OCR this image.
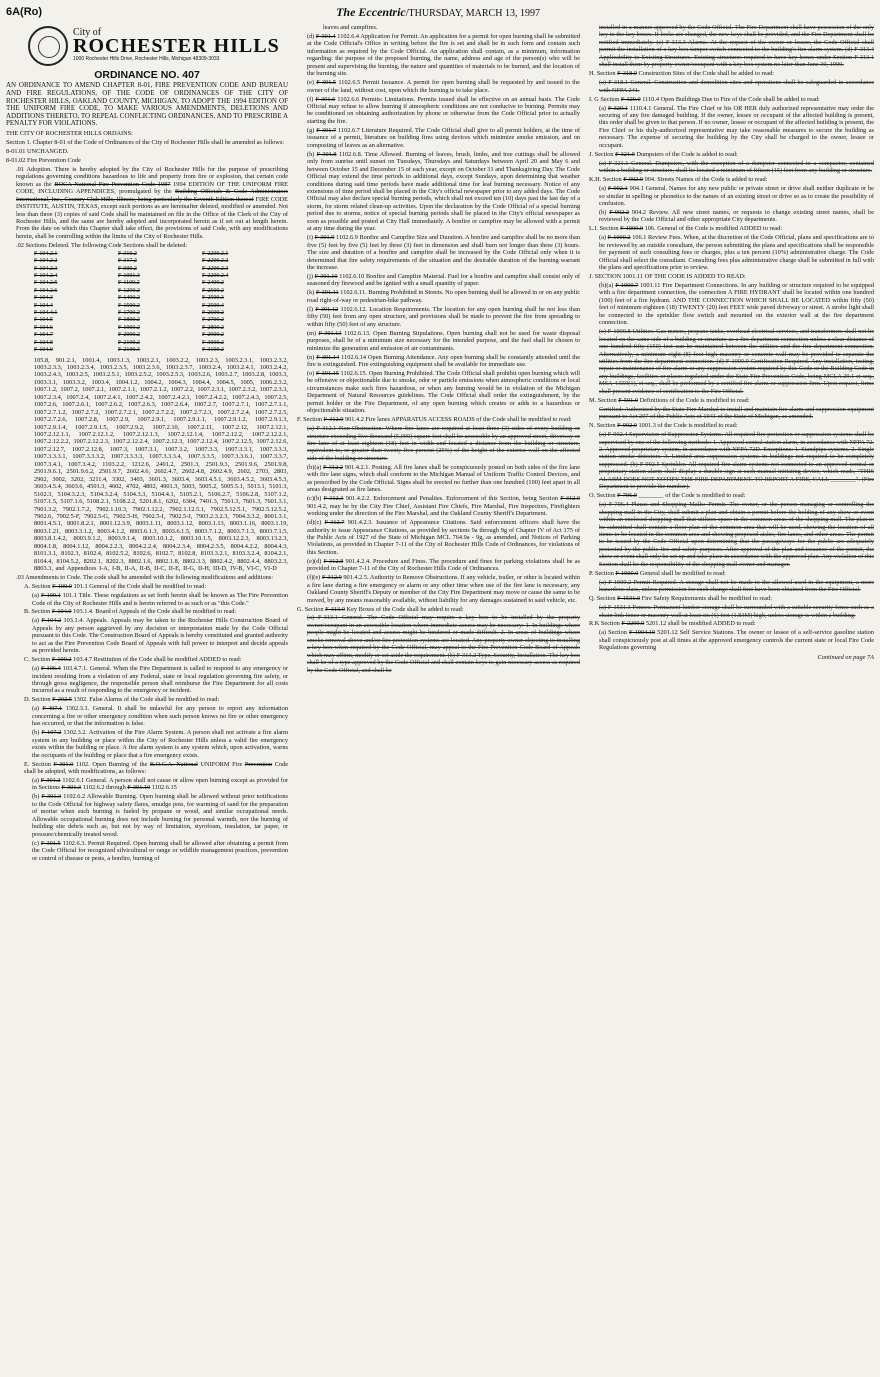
6A(Ro)	The Eccentric/THURSDAY, MARCH 13, 1997
City of
ROCHESTER HILLS
1000 Rochester Hills Drive, Rochester Hills, Michigan 48309-3033
ORDINANCE NO. 407

AN ORDINANCE TO AMEND CHAPTER 8-01, FIRE PREVENTION CODE AND BUREAU AND FIRE REGULATIONS, OF THE CODE OF ORDINANCES OF THE CITY OF ROCHESTER HILLS, OAKLAND COUNTY, MICHIGAN, TO ADOPT THE 1994 EDITION OF THE UNIFORM FIRE CODE, TO MAKE VARIOUS AMENDMENTS, DELETIONS AND ADDITIONS THERETO, TO REPEAL CONFLICTING ORDINANCES, AND TO PRESCRIBE A PENALTY FOR VIOLATIONS.

THE CITY OF ROCHESTER HILLS ORDAINS:

Section 1. Chapter 8-01 of the Code of Ordinances of the City of Rochester Hills shall be amended as follows:

8-01.01 UNCHANGED.

8-01.02 Fire Prevention Code

.01 Adoption. There is hereby adopted by the City of Rochester Hills for the purpose of prescribing regulations governing conditions hazardous to life and property from fire or explosion, that certain code known as the BOCA National Fire Prevention Code 1987 1994 EDITION OF THE UNIFORM FIRE CODE, INCLUDING APPENDICES, promulgated by the Building Officials & Code Administrators International, Inc., Country Club Hills, Illinois, being particularly the Seventh Edition thereof FIRE CODE INSTITUTE, AUSTIN, TEXAS, except such portions as are hereinafter deleted, modified or amended. Not less than three (3) copies of said Code shall be maintained on file in the Office of the Clerk of the City of Rochester Hills, and the same are hereby adopted and incorporated herein as if set out at length herein. From the date on which this Chapter shall take effect, the provisions of said Code, with any modifications herein, shall be controlling within the limits of the City of Rochester Hills.

.02 Sections Deleted. The following Code Sections shall be deleted:

F-104.2.1	F-310.2	F-2200.2.1
F-104.2.2	F-317.2	F-2200.2.2
F-104.2.3	F-900.2	F-2200.2.3
F-104.2.4	F-1001.3	F-2200.2.4
F-104.2.5	F-1100.2	F-2400.2
F-104.2.6	F-1200.2	F-2500.2
F-104.3	F-1400.2	F-2500.3
F-104.4	F-1500.2	F-2500.4
F-104.4.1	F-1700.2	F-2600.2
F-104.5	F-1800.2	F-2700.2
F-104.6	F-1900.2	F-2800.2
F-104.7	F-2000.2	F-2900.2
F-104.8	F-2100.2	F-3000.2
F-104.9	F-2100.3	F-3100.2

105.8, 901.2.1, 1001.4, 1003.1.3, 1003.2.1, 1003.2.2, 1003.2.3, 1003.2.3.1, 1003.2.3.2, 1003.2.3.3, 1003.2.3.4, 1003.2.3.5, 1003.2.3.6, 1003.2.3.7, 1003.2.4, 1003.2.4.1, 1003.2.4.2, 1003.2.4.3, 1003.2.5, 1003.2.5.1, 1003.2.5.2, 1003.2.5.3, 1003.2.6, 1003.2.7, 1003.2.8, 1003.3, 1003.3.1, 1003.3.2, 1003.4, 1004.1.2, 1004.2, 1004.3, 1004.4, 1004.5, 1005, 1006.2.3.2, 1007.1.2, 1007.2, 1007.2.1, 1007.2.1.1, 1007.2.1.2, 1007.2.2, 1007.2.3.1, 1007.2.3.2, 1007.2.3.3, 1007.2.3.4, 1007.2.4, 1007.2.4.1, 1007.2.4.2, 1007.2.4.2.1, 1007.2.4.2.2, 1007.2.4.3, 1007.2.5, 1007.2.6, 1007.2.6.1, 1007.2.6.2, 1007.2.6.3, 1007.2.6.4, 1007.2.7, 1007.2.7.1, 1007.2.7.1.1, 1007.2.7.1.2, 1007.2.7.2, 1007.2.7.2.1, 1007.2.7.2.2, 1007.2.7.2.3, 1007.2.7.2.4, 1007.2.7.2.5, 1007.2.7.2.6, 1007.2.8, 1007.2.9, 1007.2.9.1, 1007.2.9.1.1, 1007.2.9.1.2, 1007.2.9.1.3, 1007.2.9.1.4, 1007.2.9.1.5, 1007.2.9.2, 1007.2.10, 1007.2.11, 1007.2.12, 1007.2.12.1, 1007.2.12.1.1, 1007.2.12.1.2, 1007.2.12.1.3, 1007.2.12.1.4, 1007.2.12.2, 1007.2.12.2.1, 1007.2.12.2.2, 1007.2.12.2.3, 1007.2.12.2.4, 1007.2.12.3, 1007.2.12.4, 1007.2.12.5, 1007.2.12.6, 1007.2.12.7, 1007.2.12.8, 1007.3, 1007.3.1, 1007.3.2, 1007.3.3, 1007.3.3.1, 1007.3.3.3, 1007.3.3.3.1, 1007.3.3.3.2, 1007.3.3.3.3, 1007.3.3.3.4, 1007.3.3.5, 1007.3.3.6.1, 1007.3.3.7, 1007.3.4.1, 1007.3.4.2, 1103.2.2, 1212.6, 2401.2, 2501.3, 2501.9.3, 2501.9.6, 2501.9.8, 2501.9.6.1, 2501.9.6.2, 2501.9.7, 2602.4.6, 2602.4.7, 2602.4.8, 2602.4.9, 2602, 2703, 2803, 2902, 3002, 3202, 3211.4, 3302, 3403, 3601.3, 3603.4, 3603.4.5.1, 3603.4.5.2, 3603.4.5.3, 3603.4.5.4, 3603.6, 4501.3, 4602, 4702, 4802, 4901.3, 5003, 5005.2, 5005.5.1, 5013.1, 5101.3, 5102.3, 5104.3.2.3, 5104.3.2.4, 5104.3.3, 5104.4.1, 5105.2.1, 5106.2.7, 5106.2.8, 5107.1.2, 5107.1.5, 5107.1.6, 5108.2.1, 5108.2.2, 5201.8.1, 6202, 6304, 7401.3, 7501.3, 7601.3, 7601.3.1, 7901.3.2, 7902.1.7.2, 7902.1.10.3, 7902.1.12.2, 7902.1.12.5.1, 7902.5.12.5.1, 7902.5.12.5.2, 7902.6, 7902.5-F, 7902.5-G, 7902.5-H, 7902.5-I, 7902.5-J, 7903.2.3.2.3, 7904.3.3.2, 8001.3.1, 8001.4.5.1, 8001.8.2.1, 8001.12.3.9, 8003.1.11, 8003.1.12, 8003.1.13, 8003.1.16, 8003.1.19, 8003.1.21, 8003.3.1.2, 8003.4.1.2, 8003.6.1.3, 8003.6.1.5, 8003.7.1.2, 8003.7.1.3, 8003.7.1.5, 8003.8.1.4.2, 8003.9.1.2, 8003.9.1.4, 8003.10.1.2, 8003.10.1.5, 8003.12.2.3, 8003.13.2.3, 8004.1.8, 8004.1.12, 8004.2.2.3, 8004.2.2.4, 8004.2.3.4, 8004.2.3.5, 8004.4.2.2, 8004.4.3, 8101.3.1, 8102.3, 8102.4, 8102.5.2, 8102.6, 8102.7, 8102.8, 8103.3.2.1, 8103.3.2.4, 8104.2.1, 8104.4, 8104.5.2, 8202.1, 8202.3, 8802.1.6, 8802.1.8, 8802.3.3, 8802.4.2, 8802.4.4, 8803.2.3, 8803.3, and Appendices I-A, I-B, II-A, II-B, II-C, II-E, II-G, II-H, III-D, IV-B, VI-C, VI-D

.03 Amendments to Code. The code shall be amended with the following modifications and additions:

A. Section F-100.0 101.1 General of the Code shall be modified to read:

(a) F-100.1 101.1 Title. These regulations as set forth herein shall be known as The Fire Prevention Code of the City of Rochester Hills and is herein referred to as such or as "this Code."

B. Section F-104.0 103.1.4. Board of Appeals of the Code shall be modified to read:

(a) F-104.2 103.1.4. Appeals. Appeals may be taken to the Rochester Hills Construction Board of Appeals by any person aggrieved by any decision or interpretation made by the Code Official pursuant to this Code. The Construction Board of Appeals is hereby constituted and granted authority to act as the Fire Prevention Code Board of Appeals with full power to interpret and decide appeals as provided herein.

C. Section F-100.2 103.4.7 Restitution of the Code shall be modified ADDED to read:

(a) F-106.4 103.4.7.1. General. When the Fire Department is called to respond to any emergency or incident resulting from a violation of any Federal, state or local regulation governing fire safety, or through gross negligence, the responsible person shall reimburse the Fire Department for all costs incurred as a result of responding to the emergency or incident.

D. Section F-202.5 1302. False Alarms of the Code shall be modified to read:

(a) F-407.1 1302.3.1. General. It shall be unlawful for any person to report any information concerning a fire or other emergency condition when such person knows no fire or other emergency has occurred, or that the information is false.

(b) F-107.2 1302.3.2. Activation of the Fire Alarm System. A person shall not activate a fire alarm system in any building or place within the City of Rochester Hills unless a valid fire emergency exists within the building or place. A fire alarm system is any system which, upon activation, warns the occupants of the building or place that a fire emergency exists.

E. Section F-301.0 1102. Open Burning of the B.O.C.A. National UNIFORM Fire Prevention Code shall be adopted, with modifications, as follows:

(a) F-301.2 1102.6.1 General. A person shall not cause or allow open burning except as provided for in Sections F-301.3 1102.6.2 through F-301.10 1102.6.15

(b) F-301.3 1102.6.2 Allowable Burning. Open burning shall be allowed without prior notifications to the Code Official for highway safety flares, smudge pots, for warming of sand for the preparation of mortar when such burning is fueled by propane or wood, and similar occupational needs. Allowable occupational burning does not include burning for personal warmth, nor the burning of building site debris such as, but not by way of limitation, styrofoam, insulation, tar paper, or pressure/chemically treated wood.

(c) F-301.5 1102.6.3. Permit Required. Open burning shall be allowed after obtaining a permit from the Code Official for recognized silvicultural or range or wildlife management practices, prevention or control of disease or pests, a bonfire, burning of

leaves and campfires.

(d) F-301.4 1102.6.4 Application for Permit. An application for a permit for open burning shall be submitted at the Code Official's Office in writing before the fire is set and shall be in such form and contain such information as required by the Code Official. An application shall contain, as a minimum, information regarding: the purpose of the proposed burning, the name, address and age of the person(s) who will be present and supervising the burning, the nature and quantities of materials to be burned, and the location of the burning site.

(e) F-301.5 1102.6.5 Permit Issuance. A permit for open burning shall be requested by and issued to the owner of the land, without cost, upon which the burning is to take place.

(f) F-301.6 1102.6.6 Permits: Limitations. Permits issued shall be effective on an annual basis. The Code Official may refuse to allow burning if atmospheric conditions are not conducive to burning. Permits may be conditioned on obtaining authorization by phone or otherwise from the Code Official prior to actually starting the fire.

(g) F-301.7 1102.6.7 Literature Required. The Code Official shall give to all permit holders, at the time of issuance of a permit, literature on building fires using devices which minimize smoke emission, and on composting of leaves as an alternative.

(h) F-301.8 1102.6.8. Time Allowed. Burning of leaves, brush, limbs, and tree cuttings shall be allowed only from sunrise until sunset on Tuesdays, Thursdays and Saturdays between April 20 and May 6 and between October 15 and December 15 of each year, except on October 31 and Thanksgiving Day. The Code Official may extend the time periods to additional days, except Sundays, upon determining that weather conditions during said time periods have made additional time for leaf burning necessary. Notice of any extensions of time period shall be placed in the City's official newspaper prior to any added days. The Code Official may also declare special burning periods, which shall not exceed ten (10) days past the last day of a storm, for storm related clean-up activities. Upon the declaration by the Code Official of a special burning period due to storms, notice of special burning periods shall be placed in the City's official newspaper as soon as possible and posted at City Hall immediately. A bonfire or campfire may be allowed with a permit at any time during the year.

(i) F-301.9 1102.6.9 Bonfire and Campfire Size and Duration. A bonfire and campfire shall be no more than five (5) feet by five (5) feet by three (3) feet in dimension and shall burn not longer than three (3) hours. The size and duration of a bonfire and campfire shall be increased by the Code Official only when it is determined that fire safety requirements of the situation and the desirable duration of the burning warrant the increase.

(j) F-301.10 1102.6.10 Bonfire and Campfire Material. Fuel for a bonfire and campfire shall consist only of seasoned dry firewood and be ignited with a small quantity of paper.

(k) F-301.11 1102.6.11. Burning Prohibited in Streets. No open burning shall be allowed in or on any public road right-of-way or pedestrian-bike pathway.

(l) F-301.12 1102.6.12. Location Requirements. The location for any open burning shall be not less than fifty (50) feet from any open structure, and provisions shall be made to prevent the fire from spreading to within fifty (50) feet of any structure.

(m) F-301.13 1102.6.13. Open Burning Stipulations. Open burning shall not be used for waste disposal purposes, shall be of a minimum size necessary for the intended purpose, and the fuel shall be chosen to minimize the generation and emission of air contaminants.

(n) F-301.14 1102.6.14 Open Burning Attendance. Any open burning shall be constantly attended until the fire is extinguished. Fire extinguishing equipment shall be available for immediate use.

(o) F-301.15 1102.6.15. Open Burning Prohibited. The Code Official shall prohibit open burning which will be offensive or objectionable due to smoke, odor or particle emissions when atmospheric conditions or local circumstances make such fires hazardous, or when any burning would be in violation of the Michigan Department of Natural Resources guidelines. The Code Official shall order the extinguishment, by the permit holder or the Fire Department, of any open burning which creates or adds to a hazardous or objectionable situation.

F. Section F-312.0 901.4.2 Fire lanes APPARATUS ACCESS ROADS of the Code shall be modified to read:

(a) F-312.1 Non-Obstruction. Where fire lanes are required at least three (3) sides of every building or structure exceeding five thousand (5,000) square feet shall be accessible by an approved street, driveway or fire lane of at least eighteen (18) feet in width and located a distance from the building or structure, equivalent to, or greater than twenty-five percent (25%) of the height of the exterior wall on the affected side of the building or structure.

(b)(a) F-312.2 901.4.2.1. Posting. All fire lanes shall be conspicuously posted on both sides of the fire lane with fire lane signs, which shall conform to the Michigan Manual of Uniform Traffic Control Devices, and as prescribed by the Code Official. Signs shall be erected no further than one hundred (100) feet apart in all areas designated as fire lanes.

(c)(b) F-312.3 901.4.2.2. Enforcement and Penalties. Enforcement of this Section, being Section F-312.0 901.4.2, may be by the City Fire Chief, Assistant Fire Chiefs, Fire Marshal, Fire Inspectors, Firefighters working under the direction of the Fire Marshal, and the Oakland County Sheriff's Department.

(d)(c) F-312.7 901.4.2.3. Issuance of Appearance Citations. Said enforcement officers shall have the authority to issue Appearance Citations, as provided by sections 9a through 9g of Chapter IV of Act 175 of the Public Acts of 1927 of the State of Michigan MCL 764.9a - 9g, as amended, and Notices of Parking Violations, as provided in Chapter 7-11 of the City of Rochester Hills Code of Ordinances, for violations of this Section.

(e)(d) F-312.8 901.4.2.4. Procedure and Fines. The procedure and fines for parking violations shall be as provided in Chapter 7-11 of the City of Rochester Hills Code of Ordinances.

(f)(e) F-312.9 901.4.2.5. Authority to Remove Obstructions. If any vehicle, trailer, or other is located within a fire lane during a fire emergency or alarm or any other time when use of the fire lane is necessary, any Oakland County Sheriff's Deputy or member of the City Fire Department may move or cause the same to be moved, by any means reasonably available, without liability for any damages sustained to said vehicle, etc.

G. Section F-313.0 Key Boxes of the Code shall be added to read:

(a) F-313.1 General. The Code Official may require a key box to be installed by the property owner/occupant in an accessible location where immediate access may be necessary: 1. In buildings where people might be located and access might be hindered or made difficult. 2. In areas of buildings where smoke removal above and/or fire protection systems are located. Any property owner objecting to installing a key box when required by the Code Official, may appeal to the Fire Prevention Code Board of Appeals which may affirm, modify or set aside the requirement. (b) F-313.2 Type, Security, Installation. The key box shall be of a type approved by the Code Official and shall contain keys to gain necessary access as required by the Code Official, and shall be

installed in a manner approved by the Code Official. The Fire Department shall have possession of the only key to the key boxes. If locks are changed, the new keys shall be provided, and the Fire Department shall be notified immediately. (c) F-313.3 Alarms. At the request of the owner or lessee, the Code Official shall permit the installation of a key box tamper switch connected to the building's fire alarm system. (d) F-313.4 Applicability to Existing Structures. Existing structures required to have key boxes under Section F-313.1 shall install them by property owner/occupant with a key box system no later than June 30, 1990.

H. Section F-318.0 Construction Sites of the Code shall be added to read:

(a) F-318.1 General. Construction and demolition sites and operations shall be safeguarded in accordance with NFPA 241.

I. G Section F-320.0 1110.4 Open Buildings Due to Fire of the Code shall be added to read:

(a) F-320.1 1110.4.1 General. The Fire Chief or his OR HER duly authorized representative may order the securing of any fire damaged building. If the owner, lessee or occupant of the affected building is present, this order shall be given to that person. If no owner, lessee or occupant of the affected building is present, the Fire Chief or his duly-authorized representative may take reasonable measures to secure the building as necessary. The expense of securing the building by the City shall be charged to the owner, lessee or occupant.

J. Section F-321.0 Dumpsters of the Code is added to read:

(a) F-321.1 General. Dumpsters, with the exception of a dumpster connected to a compactor, contained within a building or structure, shall be located a minimum of fifteen (15) feet from any building or structure.

K.H. Section F-902.0 904. Streets Names of the Code is added to read:

(a) F-902.1 904.1 General. Names for any new public or private street or drive shall neither duplicate or be so similar in spelling or phonetics to the names of an existing street or drive so as to create the possibility of confusion.

(b) F-902.2 904.2 Review. All new street names, or requests to change existing street names, shall be reviewed by the Code Official and other appropriate City departments.

L.I. Section F-1000.0 106. General of the Code is modified ADDED to read:

(a) F-1000.2 106.1 Review Fees. When, at the discretion of the Code Official, plans and specifications are to be reviewed by an outside consultant, the person submitting the plans and specifications shall be responsible for payment of such consulting fees or charges, plus a ten percent (10%) administrative charge. The Code Official shall select the consultant. Consulting fees plus administrative charge shall be submitted in full with the plans and specifications prior to review.

J. SECTION 1001.11 OF THE CODE IS ADDED TO READ:

(b)(a) F-1000.7 1001.11 Fire Department Connections. In any building or structure required to be equipped with a fire department connection, the connection A FIRE HYDRANT shall be located within one hundred (100) feet of a fire hydrant. AND THE CONNECTION WHICH SHALL BE LOCATED within fifty (50) feet of minimum eighteen (18) TWENTY (20) feet FEET wide paved driveway or street. A strobe light shall be connected to the sprinkler flow switch and mounted on the exterior wall at the fire department connection.

(c) F-1000.8 Utilities. Gas meters, propane tanks, overhead electrical services, and transformers shall not be located on the same side of a building or structure as a fire department connection unless a clear distance of one hundred fifty (150) feet can be maintained between the utilities and the fire department connection. Alternatively, a minimum eight (8) foot high masonry or concrete wall may be provided to separate the utilities from the fire department connection. (d) F-1000.9 Certification Required. Any installation, testing, repair or maintenance of fire alarm or any suppression system required by this Code or the Building Code in any buildings, facilities or places regulated under the State Fire Prevention Code, being MCLA 29.1 et seq., MSA 4.559(1), et seq., shall be performed by a certified fire alarm or suppression firm. Upon request, firms shall present evidence of certification to the Fire Official.

M. Section F-501.0 Definitions of the Code is modified to read:

Certified: Authorized by the State Fire Marshal to install and maintain fire alarm and suppression equipment pursuant to Act 207 of the Public Acts of 1941 of the State of Michigan, as amended.

N. Section F-902.0 1001.3 of the Code is modified to read:

(a) F-902.4 Supervision of Suppression Systems. All required fire protection or suppression systems shall be supervised by one of the following methods: 1. Approved central station alarm, in accordance with NFPA 72. 2. Approved proprietary system, in accordance with NFPA 72D. Exceptions: 1. Standpipe systems. 2. Single station smoke detectors. 3. Limited area suppression systems in buildings not required to be completely suppressed. (b) F-902.5 Sprinkler. All required fire alarm systems not connected to an approved central or proprietary station alarm shall display a durable sign at each manual initiating device, which reads, "THIS ALARM DOES NOT NOTIFY THE FIRE DEPARTMENT. TO REPORT A FIRE, CALL ________". (Fire Department to provide the number).

O. Section F-706.0 ________ of the Code is modified to read:

(a) F-706.4 Plazas and Shopping Malls: Permit. The owner, or the person managing or controlling the shopping mall in the City, shall submit a plan and obtain a permit before the holding of any show or event within an enclosed shopping mall that utilizes space in the common areas of the shopping mall. The plan to be submitted shall contain a floor plan of the common area that will be used, showing the location of all items to be located in the common area and showing proposed aisles, fire lanes, and other areas. The permit to be issued by the Code Official upon determining that the passageways for the public are adequately protected by the public fire and safety purposes. After approval of the plan and issuance of the permit, the show or event shall only be set up and take place in accordance with the approved plan. Any violation of this Section shall be the responsibility of the shopping mall owner and manager.

P. Section F-1900.0 General shall be modified to read:

(a) F-1900.2 Permit Required. A storage shall not be made to the allowed used in the equipment, a more hazardous class, unless permission for such change shall first have been obtained from the Fire Official.

Q. Section F-1531.0 Fire Safety Requirements shall be modified to read:

(a) F-1531.3 Fences. Permanent lumber storage shall be surrounded with a suitable security fence such as a chain link fence or masonry wall at least six (6) feet (1.83M) high, unless storage is within a building.

R.K Section F-2200.0 5201.12 shall be modified ADDED to read:

(a) Section F-1904.10 5201.12 Self Service Stations. The owner or lessee of a self-service gasoline station shall conspicuously post at all times at the approved emergency controls the current state or local Fire Code Regulations governing

Continued on page 7A
